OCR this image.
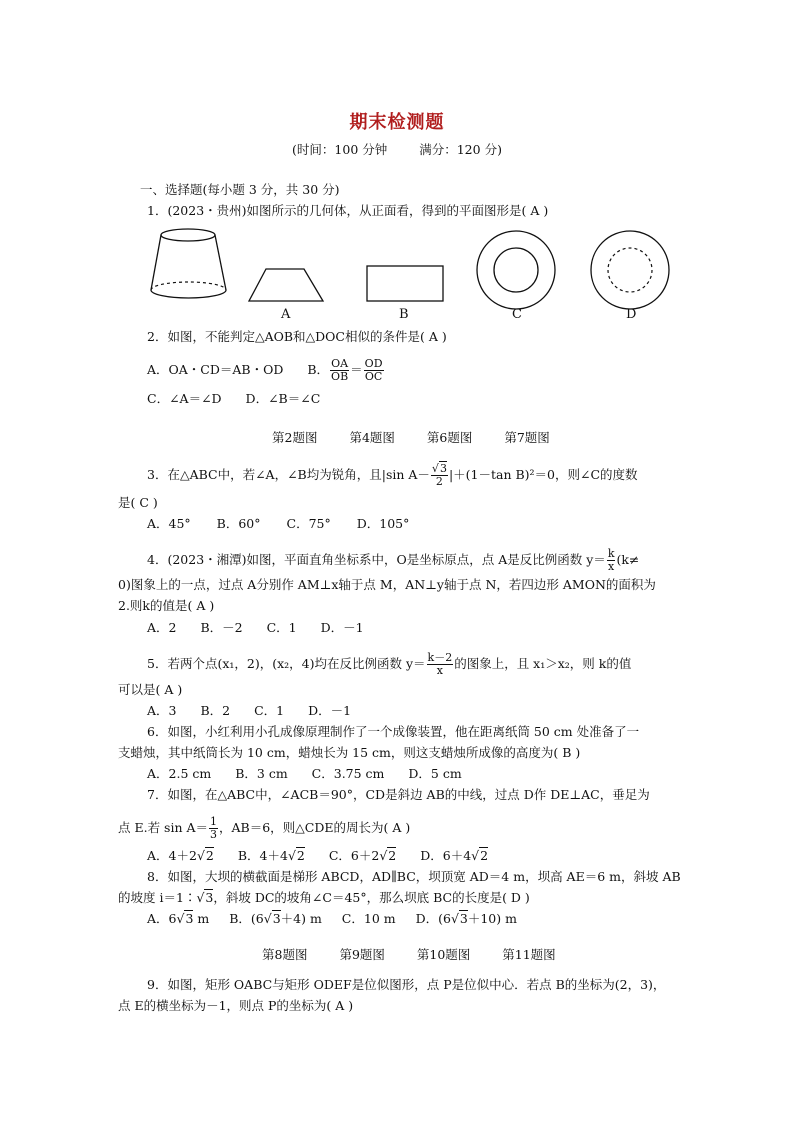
期末检测题
(时间：100 分钟	满分：120 分)
一、选择题(每小题 3 分，共 30 分)
1．(2023・贵州)如图所示的几何体，从正面看，得到的平面图形是( A )
A	B	C	D
2．如图，不能判定△AOB和△DOC相似的条件是( A )
A．OA・CD＝AB・OD B． $\frac{OA}{OB} = \frac{OD}{OC}$
C．∠A＝∠D D．∠B＝∠C
第2题图	第4题图	第6题图	第7题图
3．在△ABC中，若∠A，∠B均为锐角，且|sin $A- \frac{√3}{2} |+(1-\tan$ B)²＝0，则∠C的度数
是( C )
A．45° B．60° C．75° D．105°
4．(2023・湘潭)如图，平面直角坐标系中，O是坐标原点，点 A是反比例函数 $y= \frac{k}{x} (k\ne$
0)图象上的一点，过点 A分别作 AM⊥x轴于点 M，AN⊥y轴于点 N，若四边形 AMON的面积为
2.则k的值是( A )
A．2 B．－2 C．1 D．－1
5．若两个点(x₁，2)，(x₂，4)均在反比例函数 $y= \frac{k-2}{x}$ 的图象上，且 x₁＞x₂，则 k的值
可以是( A )
A．3 B．2 C．1 D．－1
6．如图，小红利用小孔成像原理制作了一个成像装置，他在距离纸筒 50 cm 处准备了一
支蜡烛，其中纸筒长为 10 cm，蜡烛长为 15 cm，则这支蜡烛所成像的高度为( B )
A．2.5 cm B．3 cm C．3.75 cm D．5 cm
7．如图，在△ABC中，∠ACB＝90°，CD是斜边 AB的中线，过点 D作 DE⊥AC，垂足为
点 E.若 $\sin A= \frac{1}{3}$ ，AB＝6，则△CDE的周长为( A )
A．4＋2√2 B．4＋4√2 C．6＋2√2 D．6＋4√2
8．如图，大坝的横截面是梯形 ABCD，AD∥BC，坝顶宽 AD＝4 m，坝高 AE＝6 m，斜坡 AB
的坡度 i＝1∶√3，斜坡 DC的坡角∠C＝45°，那么坝底 BC的长度是( D )
A．6√3 m B．(6√3＋4) m C．10 m D．(6√3＋10) m
第8题图	第9题图	第10题图	第11题图
9．如图，矩形 OABC与矩形 ODEF是位似图形，点 P是位似中心．若点 B的坐标为(2，3)，
点 E的横坐标为－1，则点 P的坐标为( A )
